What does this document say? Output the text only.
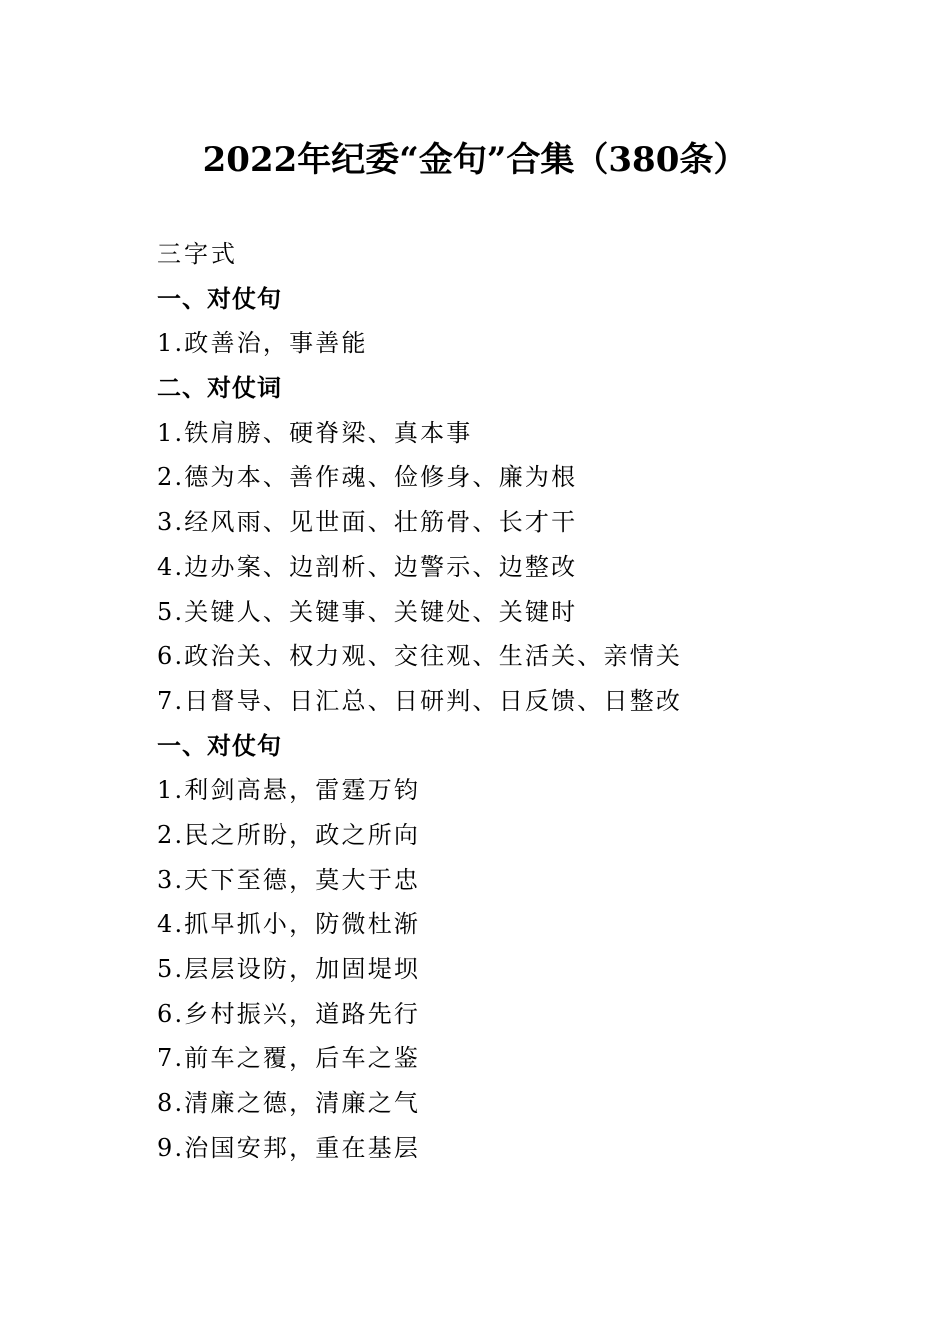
2022年纪委“金句”合集（380条）
三字式
一、对仗句
1.政善治，事善能
二、对仗词
1.铁肩膀、硬脊梁、真本事
2.德为本、善作魂、俭修身、廉为根
3.经风雨、见世面、壮筋骨、长才干
4.边办案、边剖析、边警示、边整改
5.关键人、关键事、关键处、关键时
6.政治关、权力观、交往观、生活关、亲情关
7.日督导、日汇总、日研判、日反馈、日整改
一、对仗句
1.利剑高悬，雷霆万钧
2.民之所盼，政之所向
3.天下至德，莫大于忠
4.抓早抓小，防微杜渐
5.层层设防，加固堤坝
6.乡村振兴，道路先行
7.前车之覆，后车之鉴
8.清廉之德，清廉之气
9.治国安邦，重在基层
